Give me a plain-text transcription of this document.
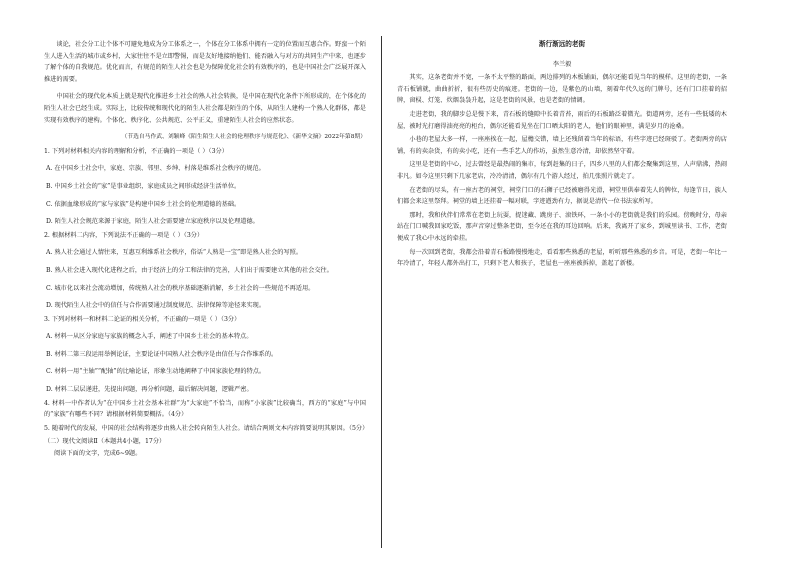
谈论，社会分工让个体不可避免地成为分工体系之一，个体在分工体系中拥有一定的位置而互惠合作。野蛮一个陌生人进入生活的城市或乡村，大家往往不是立即警惕，而是友好地接纳他们、能否融入与对方的共同生产中来，也逐步了解个体的自我规范。优化而言，有规范的陌生人社会也是为保障优化社会的有效秩序的，也是中国社会广泛展开深入推进的需要。

中国社会的现代化本质上就是现代化推进乡土社会的熟人社会转换，是中国在现代化条件下所形成的，在个体化的陌生人社会已经生成。实际上，比较传统和现代化的陌生人社会都是陌生的个体，从陌生人建构一个熟人化群体，都是实现有效秩序的建构。个体化、秩序化、公共规范、公平正义，重建陌生人社会的应然状态。

（节选自马作武、刘颖峰《陌生陌生人社会的伦理秩序与规范化》、《新华文摘》2022年第8期）

1. 下列对材料相关内容的理解和分析，不正确的一项是（ ）（3分）

A. 在中国乡土社会中，家庭、宗族、邻里、乡绅、村落是维系社会秩序的规范。

B. 中国乡土社会的“家”是事业组织，家庭成员之间形成经济生活单位。

C. 依据血缘形成的“家与家族”是构建中国乡土社会的伦理道德的基础。

D. 陌生人社会规范来源于家庭，陌生人社会需要建立家庭秩序以及伦理道德。

2. 根据材料二内容，下列说法不正确的一项是（ ）（3分）

A. 熟人社会通过人情往来，互惠互利维系社会秩序，俗话“人熟是一宝”即是熟人社会的写照。

B. 熟人社会进入现代化进程之后，由于经济上的分工和法律的完善，人们出于需要建立其他的社会交往。

C. 城市化以来社会流动增加，传统熟人社会的秩序基础逐渐消解，乡土社会的一些规范不再适用。

D. 现代陌生人社会中的信任与合作需要通过制度规范、法律保障等途径来实现。

3. 下列对材料一和材料二论证的相关分析，不正确的一项是（ ）（3分）

A. 材料一从区分家庭与家族的概念入手，阐述了中国乡土社会的基本特点。

B. 材料二第三段运用举例论证，主要论证中国熟人社会秩序是由信任与合作维系的。

C. 材料一用“主轴”“配轴”的比喻论证，形象生动地阐释了中国家族伦理的特点。

D. 材料二层层递进，先提出问题，再分析问题，最后解决问题，逻辑严密。

4. 材料一中作者认为“在中国乡土社会基本社群”为“大家庭”不恰当，而称“小家族”比较确当，西方的“家庭”与中国的“家族”有哪些不同？请根据材料简要概括。（4分）

5. 随着时代的发展，中国的社会结构将逐步由熟人社会转向陌生人社会。请结合两则文本内容简要说明其原因。（5分）

（二）现代文阅读Ⅱ（本题共4小题，17分）

阅读下面的文字，完成6~9题。

渐行渐远的老街

李兰毅

其实，这条老街并不宽，一条不太平整的路面，两边排列的木板铺面，偶尔还能看见当年的模样。这里的老街，一条青石板铺就，曲曲折折，很有些历史的痕迹。老街的一边，是紫色的山墙，刻着年代久远的门牌号，还有门口挂着的招牌，窗棂、灯笼、炊烟袅袅升起，这是老街的风景，也是老街的情调。

走进老街，我的脚步总是慢下来，青石板的缝隙中长着青苔，雨后的石板路泛着微光。街道两旁，还有一些低矮的木屋，被时光打磨得油亮亮的柜台，偶尔还能看见坐在门口晒太阳的老人，他们的眼神里，满是岁月的沧桑。

小巷的老屋大多一样，一座座挨在一起，屋檐交错，墙上还残留着当年的标语，有些字迹已经斑驳了。老街两旁的店铺，有的卖杂货，有的卖小吃，还有一些手艺人的作坊，虽然生意冷清，却依然坚守着。

这里是老街的中心，过去曾经是最热闹的集市，每到赶集的日子，四乡八里的人们都会聚集到这里，人声鼎沸，热闹非凡。如今这里只剩下几家老店，冷冷清清，偶尔有几个游人经过，拍几张照片就走了。

在老街的尽头，有一座古老的祠堂，祠堂门口的石狮子已经被磨得光滑，祠堂里供奉着先人的牌位，每逢节日，族人们都会来这里祭拜。祠堂的墙上还挂着一幅对联，字迹遒劲有力，据说是清代一位书法家所写。

那时，我和伙伴们常常在老街上玩耍，捉迷藏、跳房子、滚铁环，一条小小的老街就是我们的乐园。傍晚时分，母亲站在门口喊我回家吃饭，那声音穿过整条老街，至今还在我的耳边回响。后来，我离开了家乡，到城里读书、工作，老街便成了我心中永远的牵挂。

每一次回到老街，我都会沿着青石板路慢慢地走，看看那些熟悉的老屋，听听那些熟悉的乡音。可是，老街一年比一年冷清了，年轻人都外出打工，只剩下老人和孩子，老屋也一座座被拆掉，盖起了新楼。
